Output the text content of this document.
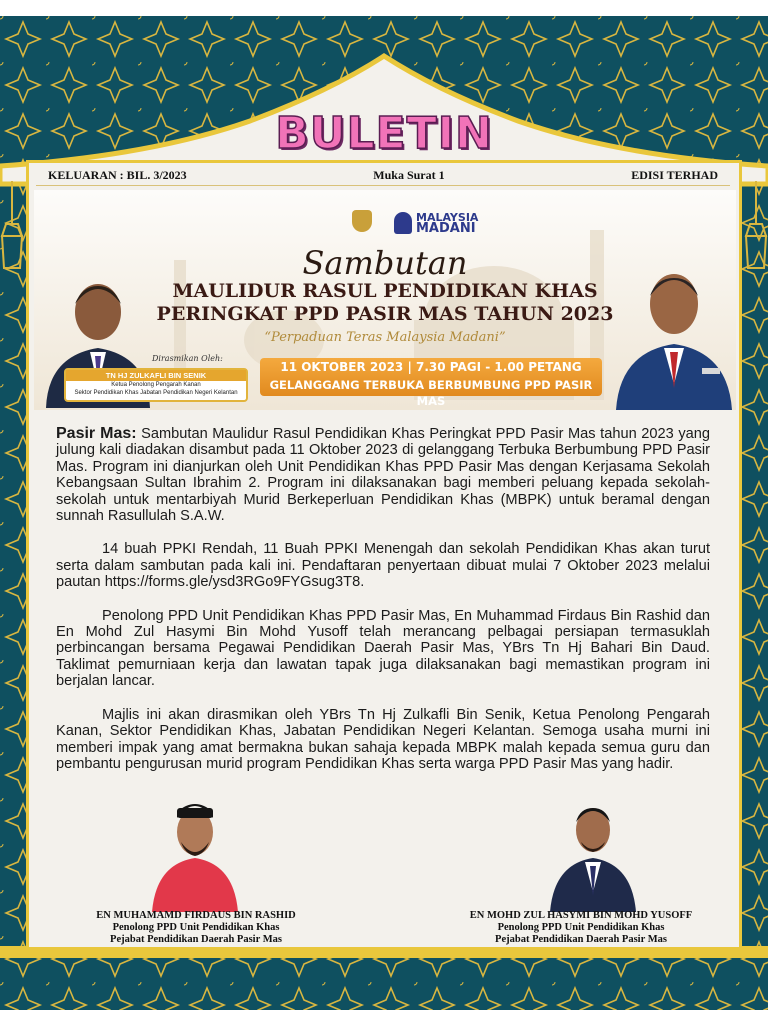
BULETIN
KELUARAN : BIL. 3/2023	Muka Surat 1	EDISI TERHAD
MALAYSIA
MADANI
Sambutan
MAULIDUR RASUL PENDIDIKAN KHAS
PERINGKAT PPD PASIR MAS TAHUN 2023
“Perpaduan Teras Malaysia Madani”
TN HJ ZULKAFLI BIN SENIK
Ketua Penolong Pengarah Kanan
Sektor Pendidikan Khas Jabatan Pendidikan Negeri Kelantan
Dirasmikan Oleh:
11 OKTOBER 2023 | 7.30 PAGI - 1.00 PETANG
GELANGGANG TERBUKA BERBUMBUNG PPD PASIR MAS

Pasir Mas: Sambutan Maulidur Rasul Pendidikan Khas Peringkat PPD Pasir Mas tahun 2023 yang julung kali diadakan disambut pada 11 Oktober 2023 di gelanggang Terbuka Berbumbung PPD Pasir Mas. Program ini dianjurkan oleh Unit Pendidikan Khas PPD Pasir Mas dengan Kerjasama Sekolah Kebangsaan Sultan Ibrahim 2. Program ini dilaksanakan bagi memberi peluang kepada sekolah-sekolah untuk mentarbiyah Murid Berkeperluan Pendidikan Khas (MBPK) untuk beramal dengan sunnah Rasullulah S.A.W.

14 buah PPKI Rendah, 11 Buah PPKI Menengah dan sekolah Pendidikan Khas akan turut serta dalam sambutan pada kali ini. Pendaftaran penyertaan dibuat mulai 7 Oktober 2023 melalui pautan https://forms.gle/ysd3RGo9FYGsug3T8.

Penolong PPD Unit Pendidikan Khas PPD Pasir Mas, En Muhammad Firdaus Bin Rashid dan En Mohd Zul Hasymi Bin Mohd Yusoff telah merancang pelbagai persiapan termasuklah perbincangan bersama Pegawai Pendidikan Daerah Pasir Mas, YBrs Tn Hj Bahari Bin Daud. Taklimat pemurniaan kerja dan lawatan tapak juga dilaksanakan bagi memastikan program ini berjalan lancar.

Majlis ini akan dirasmikan oleh YBrs Tn Hj Zulkafli Bin Senik, Ketua Penolong Pengarah Kanan, Sektor Pendidikan Khas, Jabatan Pendidikan Negeri Kelantan. Semoga usaha murni ini memberi impak yang amat bermakna bukan sahaja kepada MBPK malah kepada semua guru dan pembantu pengurusan murid program Pendidikan Khas serta warga PPD Pasir Mas yang hadir.

EN MUHAMAMD FIRDAUS BIN RASHID
Penolong PPD Unit Pendidikan Khas
Pejabat Pendidikan Daerah Pasir Mas
EN MOHD ZUL HASYMI BIN MOHD YUSOFF
Penolong PPD Unit Pendidikan Khas
Pejabat Pendidikan Daerah Pasir Mas
